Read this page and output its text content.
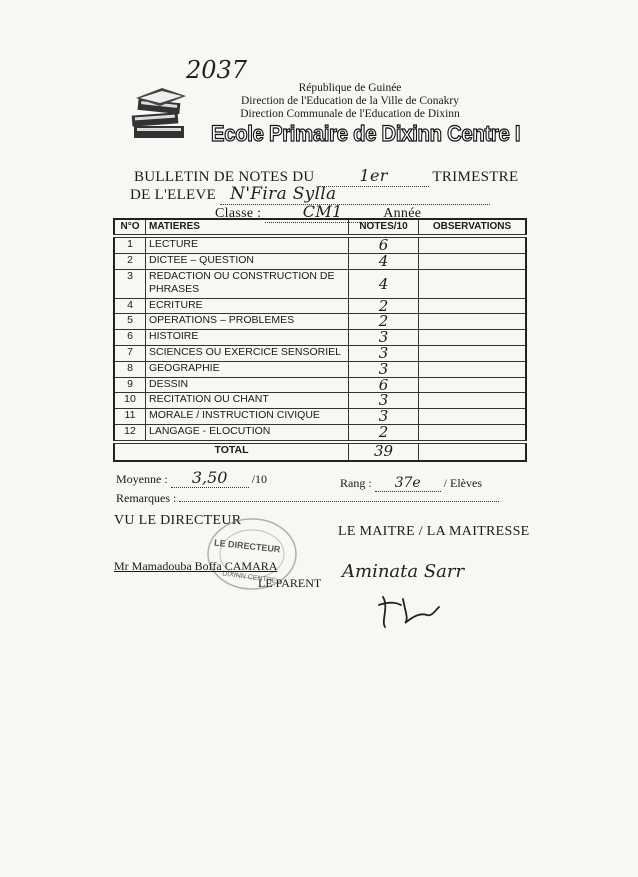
2037
République de Guinée
Direction de l'Education de la Ville de Conakry
Direction Communale de l'Education de Dixinn
Ecole Primaire de Dixinn Centre I
BULLETIN DE NOTES DU	1er	TRIMESTRE
DE L'ELEVE N'Fira Sylla
Classe :	CM1	Année
N°O	MATIERES	NOTES/10	OBSERVATIONS
1	LECTURE	6	
2	DICTEE – QUESTION	4	
3	REDACTION OU CONSTRUCTION DE PHRASES	4	
4	ECRITURE	2	
5	OPERATIONS – PROBLEMES	2	
6	HISTOIRE	3	
7	SCIENCES OU EXERCICE SENSORIEL	3	
8	GEOGRAPHIE	3	
9	DESSIN	6	
10	RECITATION OU CHANT	3	
11	MORALE / INSTRUCTION CIVIQUE	3	
12	LANGAGE - ELOCUTION	2	
TOTAL		39	
Moyenne : 3,50 /10	Rang : 37e / Elèves
Remarques :
VU LE DIRECTEUR
LE MAITRE / LA MAITRESSE
LE DIRECTEUR
DIXINN CENTRE
Mr Mamadouba Boffa CAMARA
LE PARENT
Aminata Sarr
